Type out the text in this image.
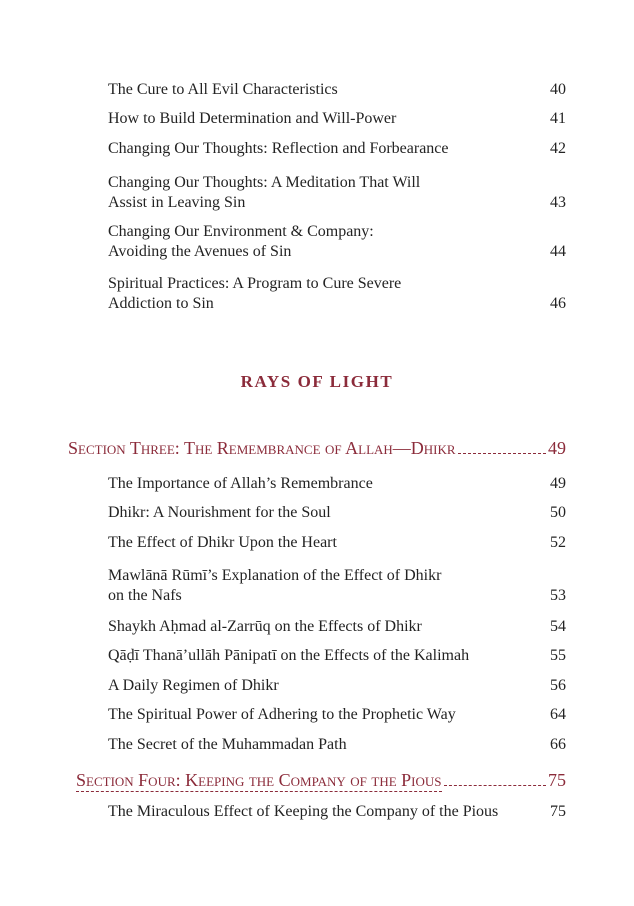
The Cure to All Evil Characteristics	40
How to Build Determination and Will-Power	41
Changing Our Thoughts: Reflection and Forbearance	42
Changing Our Thoughts: A Meditation That Will
Assist in Leaving Sin	43
Changing Our Environment & Company:
Avoiding the Avenues of Sin	44
Spiritual Practices: A Program to Cure Severe
Addiction to Sin	46
RAYS OF LIGHT
Section Three: The Remembrance of Allah—Dhikr	49
The Importance of Allah’s Remembrance	49
Dhikr: A Nourishment for the Soul	50
The Effect of Dhikr Upon the Heart	52
Mawlānā Rūmī’s Explanation of the Effect of Dhikr
on the Nafs	53
Shaykh Aḥmad al-Zarrūq on the Effects of Dhikr	54
Qāḍī Thanā’ullāh Pānipatī on the Effects of the Kalimah	55
A Daily Regimen of Dhikr	56
The Spiritual Power of Adhering to the Prophetic Way	64
The Secret of the Muhammadan Path	66
Section Four: Keeping the Company of the Pious	75
The Miraculous Effect of Keeping the Company of the Pious	75
